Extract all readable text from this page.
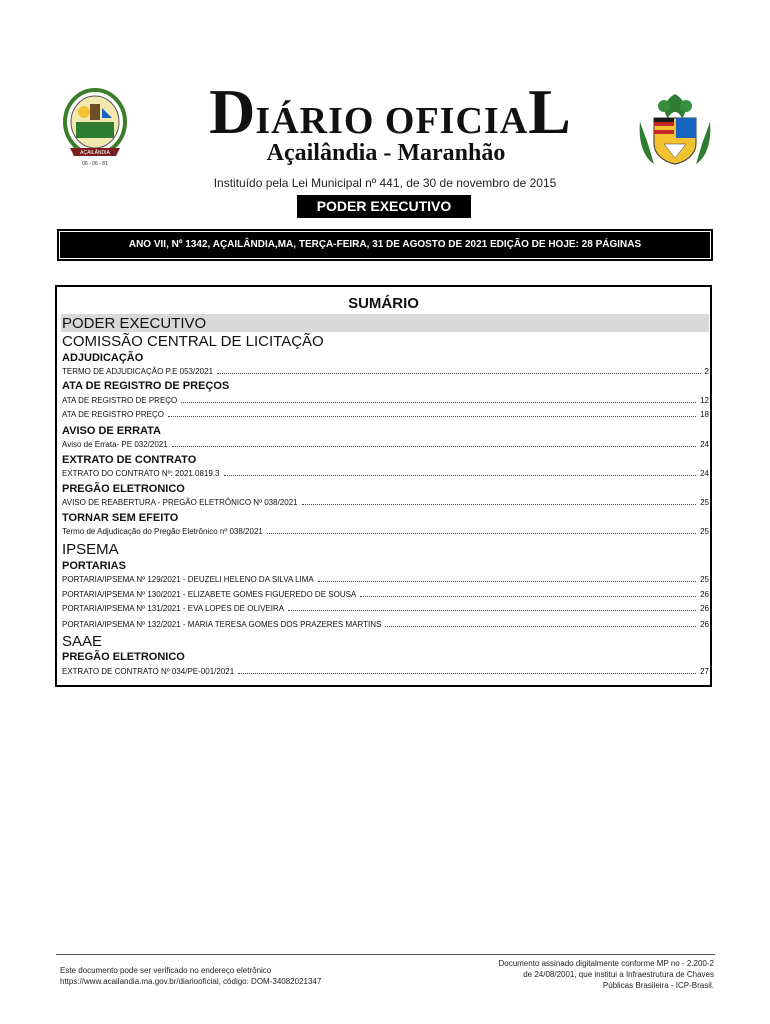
AÇAILÂNDIA
06 - 06 - 81
DIÁRIO OFICIAL
Açailândia - Maranhão
Instituído pela Lei Municipal nº 441, de 30 de novembro de 2015
PODER EXECUTIVO
ANO VII, Nº 1342, AÇAILÂNDIA,MA, TERÇA-FEIRA, 31 DE AGOSTO DE 2021 EDIÇÃO DE HOJE: 28 PÁGINAS
SUMÁRIO
PODER EXECUTIVO
COMISSÃO CENTRAL DE LICITAÇÃO
ADJUDICAÇÃO
TERMO DE ADJUDICAÇÃO P.E 053/2021	2
ATA DE REGISTRO DE PREÇOS
ATA DE REGISTRO DE PREÇO	12
ATA DE REGISTRO PREÇO	18
AVISO DE ERRATA
Aviso de Errata- PE 032/2021	24
EXTRATO DE CONTRATO
EXTRATO DO CONTRATO Nº: 2021.0819.3	24
PREGÃO ELETRONICO
AVISO DE REABERTURA - PREGÃO ELETRÔNICO Nº 038/2021	25
TORNAR SEM EFEITO
Termo de Adjudicação do Pregão Eletrônico nº 038/2021	25
IPSEMA
PORTARIAS
PORTARIA/IPSEMA Nº 129/2021 - DEUZELI HELENO DA SILVA LIMA	25
PORTARIA/IPSEMA Nº 130/2021 - ELIZABETE GOMES FIGUEREDO DE SOUSA	26
PORTARIA/IPSEMA Nº 131/2021 - EVA LOPES DE OLIVEIRA	26
PORTARIA/IPSEMA Nº 132/2021 - MARIA TERESA GOMES DOS PRAZERES MARTINS	26
SAAE
PREGÃO ELETRONICO
EXTRATO DE CONTRATO Nº 034/PE-001/2021	27
Este documento pode ser verificado no endereço eletrônico
https://www.acailandia.ma.gov.br/diariooficial, código: DOM-34082021347
Documento assinado digitalmente conforme MP no - 2.200-2
de 24/08/2001, que institui a Infraestrutura de Chaves
Públicas Brasileira - ICP-Brasil.
